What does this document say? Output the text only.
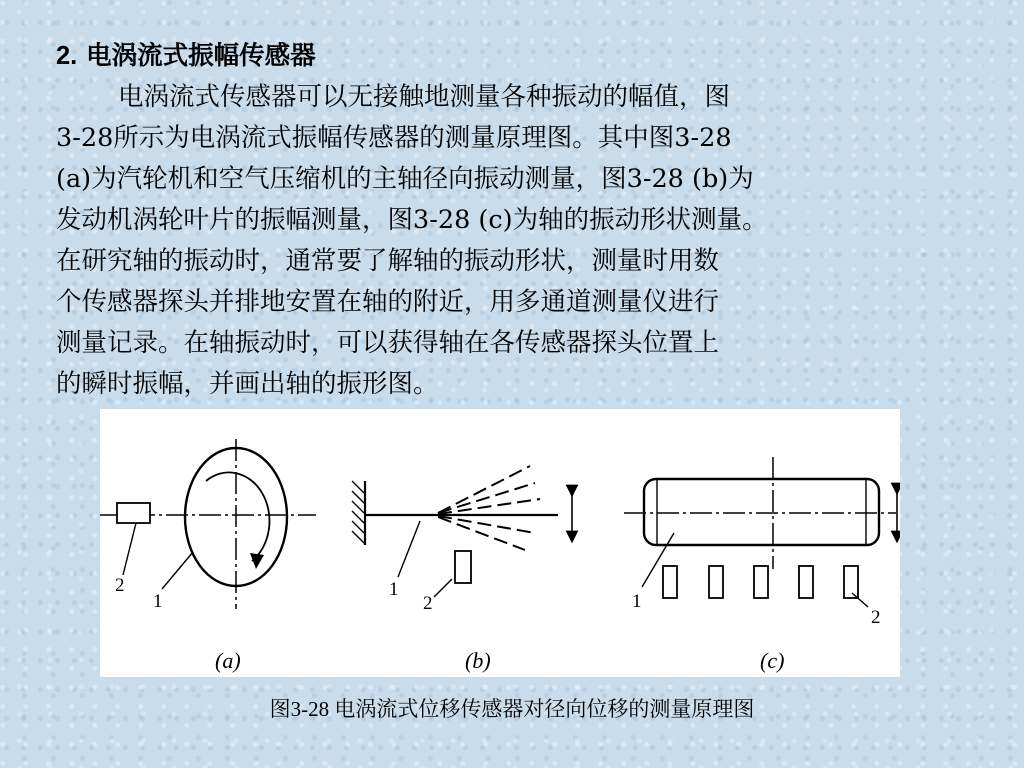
2. 电涡流式振幅传感器
电涡流式传感器可以无接触地测量各种振动的幅值，图
3-28所示为电涡流式振幅传感器的测量原理图。其中图3-28
(a)为汽轮机和空气压缩机的主轴径向振动测量，图3-28 (b)为
发动机涡轮叶片的振幅测量，图3-28 (c)为轴的振动形状测量。
在研究轴的振动时，通常要了解轴的振动形状，测量时用数
个传感器探头并排地安置在轴的附近，用多通道测量仪进行
测量记录。在轴振动时，可以获得轴在各传感器探头位置上
的瞬时振幅，并画出轴的振形图。
2
1
(a)
1
2
(b)
1
2
(c)
图3-28 电涡流式位移传感器对径向位移的测量原理图
